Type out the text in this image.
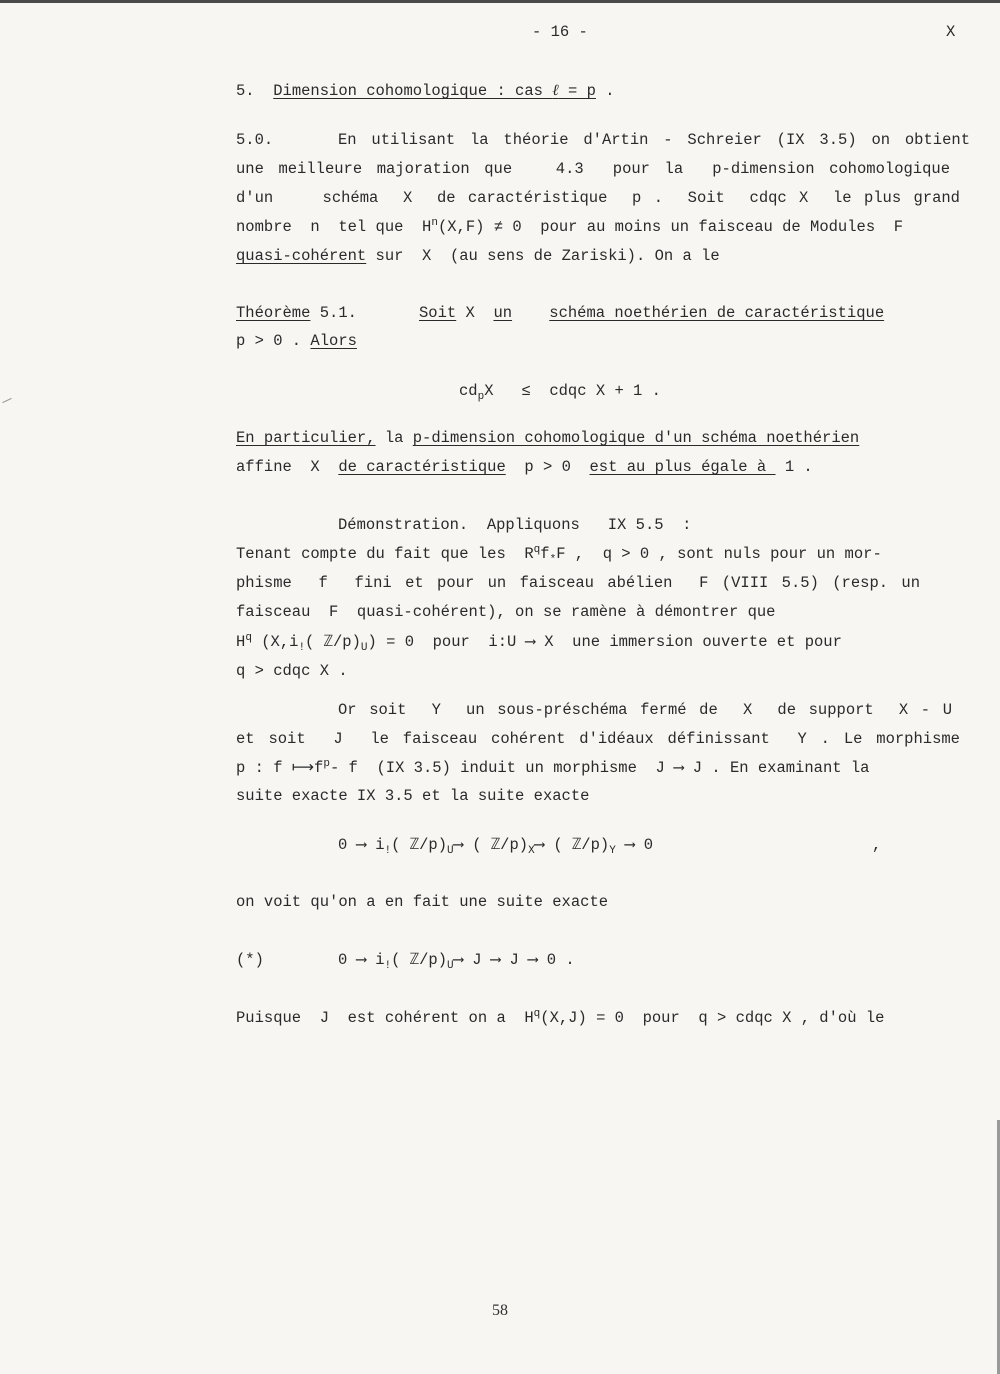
- 16 -	X
5. Dimension cohomologique : cas ℓ = p .
5.0.	En utilisant la théorie d'Artin - Schreier (IX 3.5) on obtient
une meilleure majoration que   4.3  pour la  p-dimension cohomologique
d'un    schéma  X  de caractéristique  p .  Soit  cdqc X  le plus grand
nombre  n  tel que  $H^n(X,F) \ne 0$  pour au moins un faisceau de Modules  F
quasi-cohérent sur  X  (au sens de Zariski). On a le
Théorème 5.1.	Soit X  un schéma noethérien de caractéristique
p > 0 . Alors
$cd_pX$   ≤  cdqc X + 1 .
En particulier, la p-dimension cohomologique d'un schéma noethérien
affine  X  de caractéristique  p > 0  est au plus égale à  1 .
Démonstration.  Appliquons   IX 5.5  :
Tenant compte du fait que les  $R^qf_*F$ ,  q > 0 , sont nuls pour un mor-
phisme  f  fini et pour un faisceau abélien  F (VIII 5.5) (resp. un
faisceau  F  quasi-cohérent), on se ramène à démontrer que
$H^q$ ($X,i_!$( $ℤ/p)_U) = 0$  pour  i:U ⟶ X  une immersion ouverte et pour
q > cdqc X .
Or soit  Y  un sous-préschéma fermé de  X  de support  X - U
et soit  J  le faisceau cohérent d'idéaux définissant  Y . Le morphisme
p : f $⟼f^p-$ f  (IX 3.5) induit un morphisme  J ⟶ J . En examinant la
suite exacte IX 3.5 et la suite exacte
0 ⟶ $i_!$( $ℤ/p)_U⟶$ ( $ℤ/p)_X⟶$ ( $ℤ/p)_Y$ ⟶ 0	,
on voit qu'on a en fait une suite exacte
(*)	0 ⟶ $i_!$( $ℤ/p)_U⟶$ J ⟶ J ⟶ 0 .
Puisque  J  est cohérent on a  $H^q(X,J) = 0$  pour  q > cdqc X , d'où le
58
